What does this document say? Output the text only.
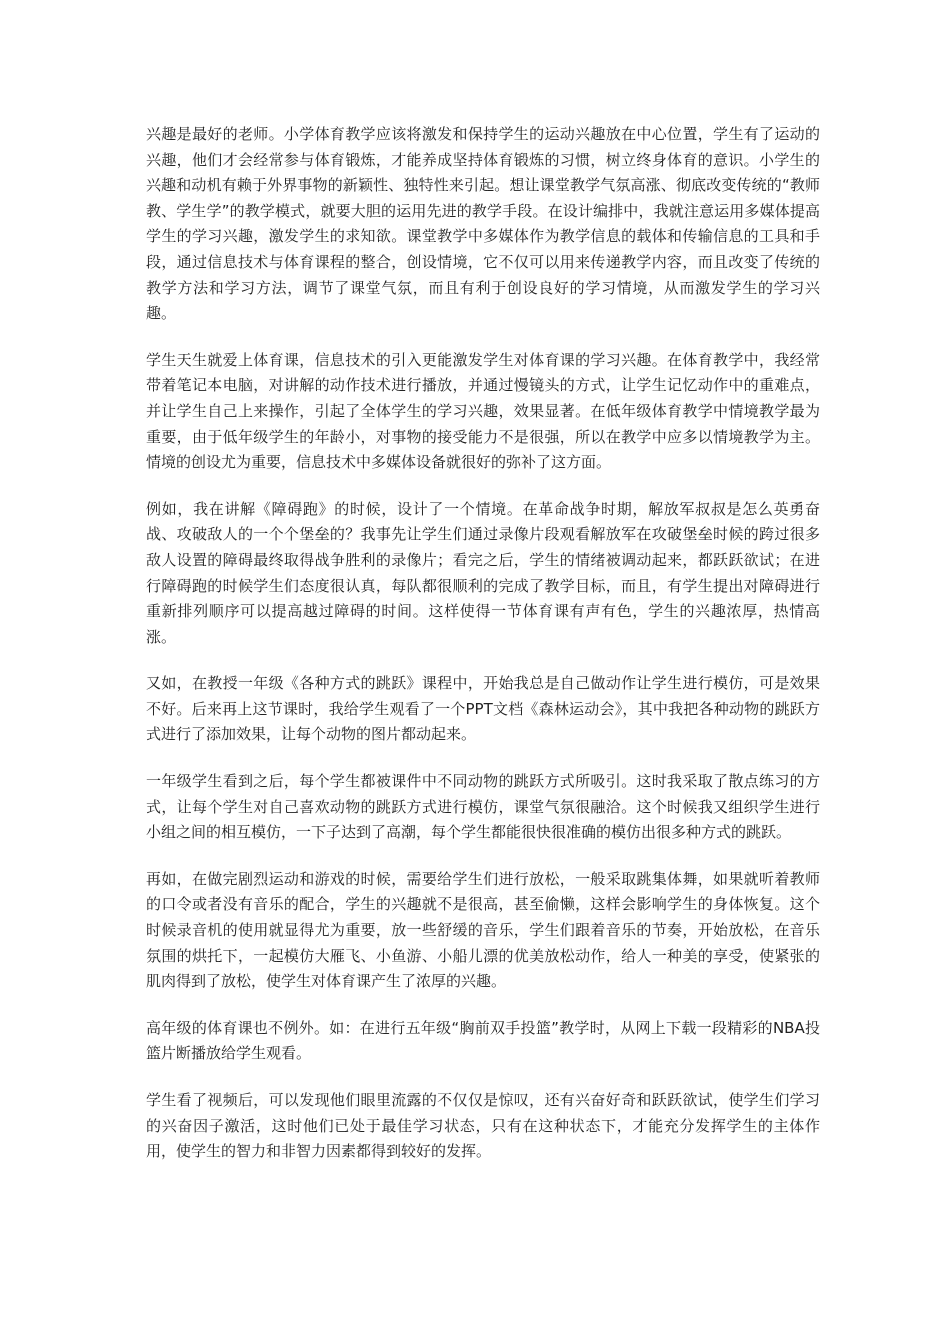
兴趣是最好的老师。小学体育教学应该将激发和保持学生的运动兴趣放在中心位置，学生有了运动的兴趣，他们才会经常参与体育锻炼，才能养成坚持体育锻炼的习惯，树立终身体育的意识。小学生的兴趣和动机有赖于外界事物的新颖性、独特性来引起。想让课堂教学气氛高涨、彻底改变传统的“教师教、学生学”的教学模式，就要大胆的运用先进的教学手段。在设计编排中，我就注意运用多媒体提高学生的学习兴趣，激发学生的求知欲。课堂教学中多媒体作为教学信息的载体和传输信息的工具和手段，通过信息技术与体育课程的整合，创设情境，它不仅可以用来传递教学内容，而且改变了传统的教学方法和学习方法，调节了课堂气氛，而且有利于创设良好的学习情境，从而激发学生的学习兴趣。

学生天生就爱上体育课，信息技术的引入更能激发学生对体育课的学习兴趣。在体育教学中，我经常带着笔记本电脑，对讲解的动作技术进行播放，并通过慢镜头的方式，让学生记忆动作中的重难点，并让学生自己上来操作，引起了全体学生的学习兴趣，效果显著。在低年级体育教学中情境教学最为重要，由于低年级学生的年龄小，对事物的接受能力不是很强，所以在教学中应多以情境教学为主。情境的创设尤为重要，信息技术中多媒体设备就很好的弥补了这方面。

例如，我在讲解《障碍跑》的时候，设计了一个情境。在革命战争时期，解放军叔叔是怎么英勇奋战、攻破敌人的一个个堡垒的？我事先让学生们通过录像片段观看解放军在攻破堡垒时候的跨过很多敌人设置的障碍最终取得战争胜利的录像片；看完之后，学生的情绪被调动起来，都跃跃欲试；在进行障碍跑的时候学生们态度很认真，每队都很顺利的完成了教学目标，而且，有学生提出对障碍进行重新排列顺序可以提高越过障碍的时间。这样使得一节体育课有声有色，学生的兴趣浓厚，热情高涨。

又如，在教授一年级《各种方式的跳跃》课程中，开始我总是自己做动作让学生进行模仿，可是效果不好。后来再上这节课时，我给学生观看了一个PPT文档《森林运动会》，其中我把各种动物的跳跃方式进行了添加效果，让每个动物的图片都动起来。

一年级学生看到之后，每个学生都被课件中不同动物的跳跃方式所吸引。这时我采取了散点练习的方式，让每个学生对自己喜欢动物的跳跃方式进行模仿，课堂气氛很融洽。这个时候我又组织学生进行小组之间的相互模仿，一下子达到了高潮，每个学生都能很快很准确的模仿出很多种方式的跳跃。

再如，在做完剧烈运动和游戏的时候，需要给学生们进行放松，一般采取跳集体舞，如果就听着教师的口令或者没有音乐的配合，学生的兴趣就不是很高，甚至偷懒，这样会影响学生的身体恢复。这个时候录音机的使用就显得尤为重要，放一些舒缓的音乐，学生们跟着音乐的节奏，开始放松，在音乐氛围的烘托下，一起模仿大雁飞、小鱼游、小船儿漂的优美放松动作，给人一种美的享受，使紧张的肌肉得到了放松，使学生对体育课产生了浓厚的兴趣。

高年级的体育课也不例外。如：在进行五年级“胸前双手投篮”教学时，从网上下载一段精彩的NBA投篮片断播放给学生观看。

学生看了视频后，可以发现他们眼里流露的不仅仅是惊叹，还有兴奋好奇和跃跃欲试，使学生们学习的兴奋因子激活，这时他们已处于最佳学习状态，只有在这种状态下，才能充分发挥学生的主体作用，使学生的智力和非智力因素都得到较好的发挥。
